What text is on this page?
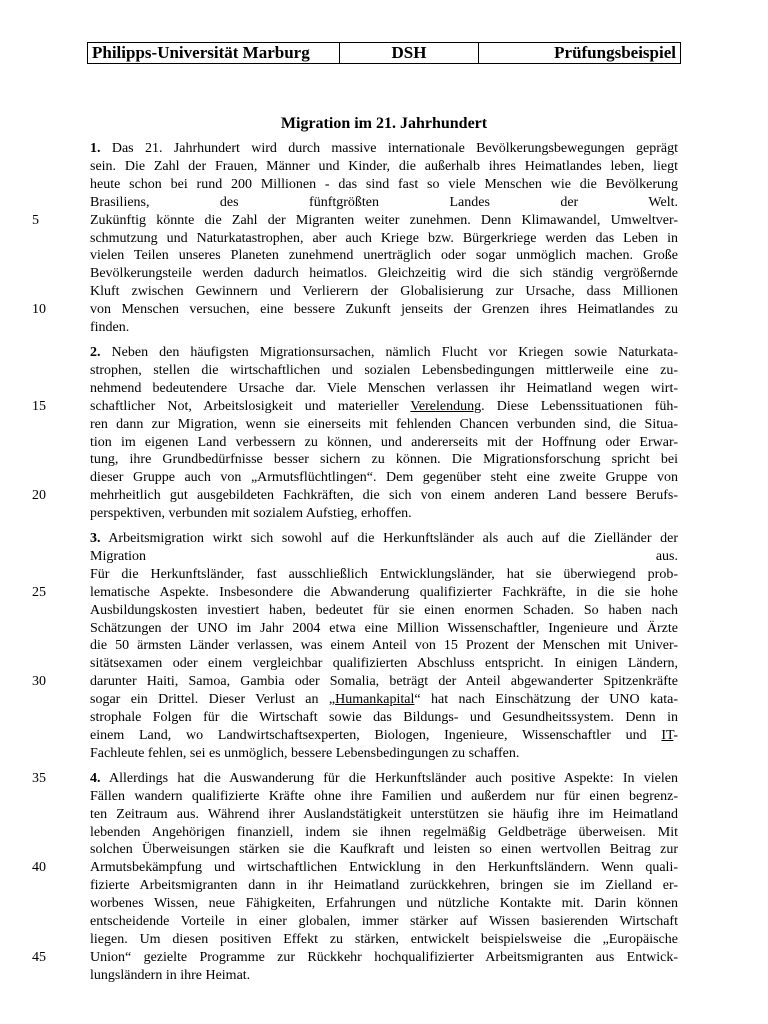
Philipps-Universität Marburg	DSH	Prüfungsbeispiel
Migration im 21. Jahrhundert
1. Das 21. Jahrhundert wird durch massive internationale Bevölkerungsbewegungen geprägt
sein. Die Zahl der Frauen, Männer und Kinder, die außerhalb ihres Heimatlandes leben, liegt
heute schon bei rund 200 Millionen - das sind fast so viele Menschen wie die Bevölkerung
Brasiliens, des fünftgrößten Landes der Welt.
5	Zukünftig könnte die Zahl der Migranten weiter zunehmen. Denn Klimawandel, Umweltver-
schmutzung und Naturkatastrophen, aber auch Kriege bzw. Bürgerkriege werden das Leben in
vielen Teilen unseres Planeten zunehmend unerträglich oder sogar unmöglich machen. Große
Bevölkerungsteile werden dadurch heimatlos. Gleichzeitig wird die sich ständig vergrößernde
Kluft zwischen Gewinnern und Verlierern der Globalisierung zur Ursache, dass Millionen
10	von Menschen versuchen, eine bessere Zukunft jenseits der Grenzen ihres Heimatlandes zu
finden.
2. Neben den häufigsten Migrationsursachen, nämlich Flucht vor Kriegen sowie Naturkata-
strophen, stellen die wirtschaftlichen und sozialen Lebensbedingungen mittlerweile eine zu-
nehmend bedeutendere Ursache dar. Viele Menschen verlassen ihr Heimatland wegen wirt-
15	schaftlicher Not, Arbeitslosigkeit und materieller Verelendung. Diese Lebenssituationen füh-
ren dann zur Migration, wenn sie einerseits mit fehlenden Chancen verbunden sind, die Situa-
tion im eigenen Land verbessern zu können, und andererseits mit der Hoffnung oder Erwar-
tung, ihre Grundbedürfnisse besser sichern zu können. Die Migrationsforschung spricht bei
dieser Gruppe auch von „Armutsflüchtlingen“. Dem gegenüber steht eine zweite Gruppe von
20	mehrheitlich gut ausgebildeten Fachkräften, die sich von einem anderen Land bessere Berufs-
perspektiven, verbunden mit sozialem Aufstieg, erhoffen.
3. Arbeitsmigration wirkt sich sowohl auf die Herkunftsländer als auch auf die Zielländer der
Migration aus.
Für die Herkunftsländer, fast ausschließlich Entwicklungsländer, hat sie überwiegend prob-
25	lematische Aspekte. Insbesondere die Abwanderung qualifizierter Fachkräfte, in die sie hohe
Ausbildungskosten investiert haben, bedeutet für sie einen enormen Schaden. So haben nach
Schätzungen der UNO im Jahr 2004 etwa eine Million Wissenschaftler, Ingenieure und Ärzte
die 50 ärmsten Länder verlassen, was einem Anteil von 15 Prozent der Menschen mit Univer-
sitätsexamen oder einem vergleichbar qualifizierten Abschluss entspricht. In einigen Ländern,
30	darunter Haiti, Samoa, Gambia oder Somalia, beträgt der Anteil abgewanderter Spitzenkräfte
sogar ein Drittel. Dieser Verlust an „Humankapital“ hat nach Einschätzung der UNO kata-
strophale Folgen für die Wirtschaft sowie das Bildungs- und Gesundheitssystem. Denn in
einem Land, wo Landwirtschaftsexperten, Biologen, Ingenieure, Wissenschaftler und IT-
Fachleute fehlen, sei es unmöglich, bessere Lebensbedingungen zu schaffen.
35	4. Allerdings hat die Auswanderung für die Herkunftsländer auch positive Aspekte: In vielen
Fällen wandern qualifizierte Kräfte ohne ihre Familien und außerdem nur für einen begrenz-
ten Zeitraum aus. Während ihrer Auslandstätigkeit unterstützen sie häufig ihre im Heimatland
lebenden Angehörigen finanziell, indem sie ihnen regelmäßig Geldbeträge überweisen. Mit
solchen Überweisungen stärken sie die Kaufkraft und leisten so einen wertvollen Beitrag zur
40	Armutsbekämpfung und wirtschaftlichen Entwicklung in den Herkunftsländern. Wenn quali-
fizierte Arbeitsmigranten dann in ihr Heimatland zurückkehren, bringen sie im Zielland er-
worbenes Wissen, neue Fähigkeiten, Erfahrungen und nützliche Kontakte mit. Darin können
entscheidende Vorteile in einer globalen, immer stärker auf Wissen basierenden Wirtschaft
liegen. Um diesen positiven Effekt zu stärken, entwickelt beispielsweise die „Europäische
45	Union“ gezielte Programme zur Rückkehr hochqualifizierter Arbeitsmigranten aus Entwick-
lungsländern in ihre Heimat.
